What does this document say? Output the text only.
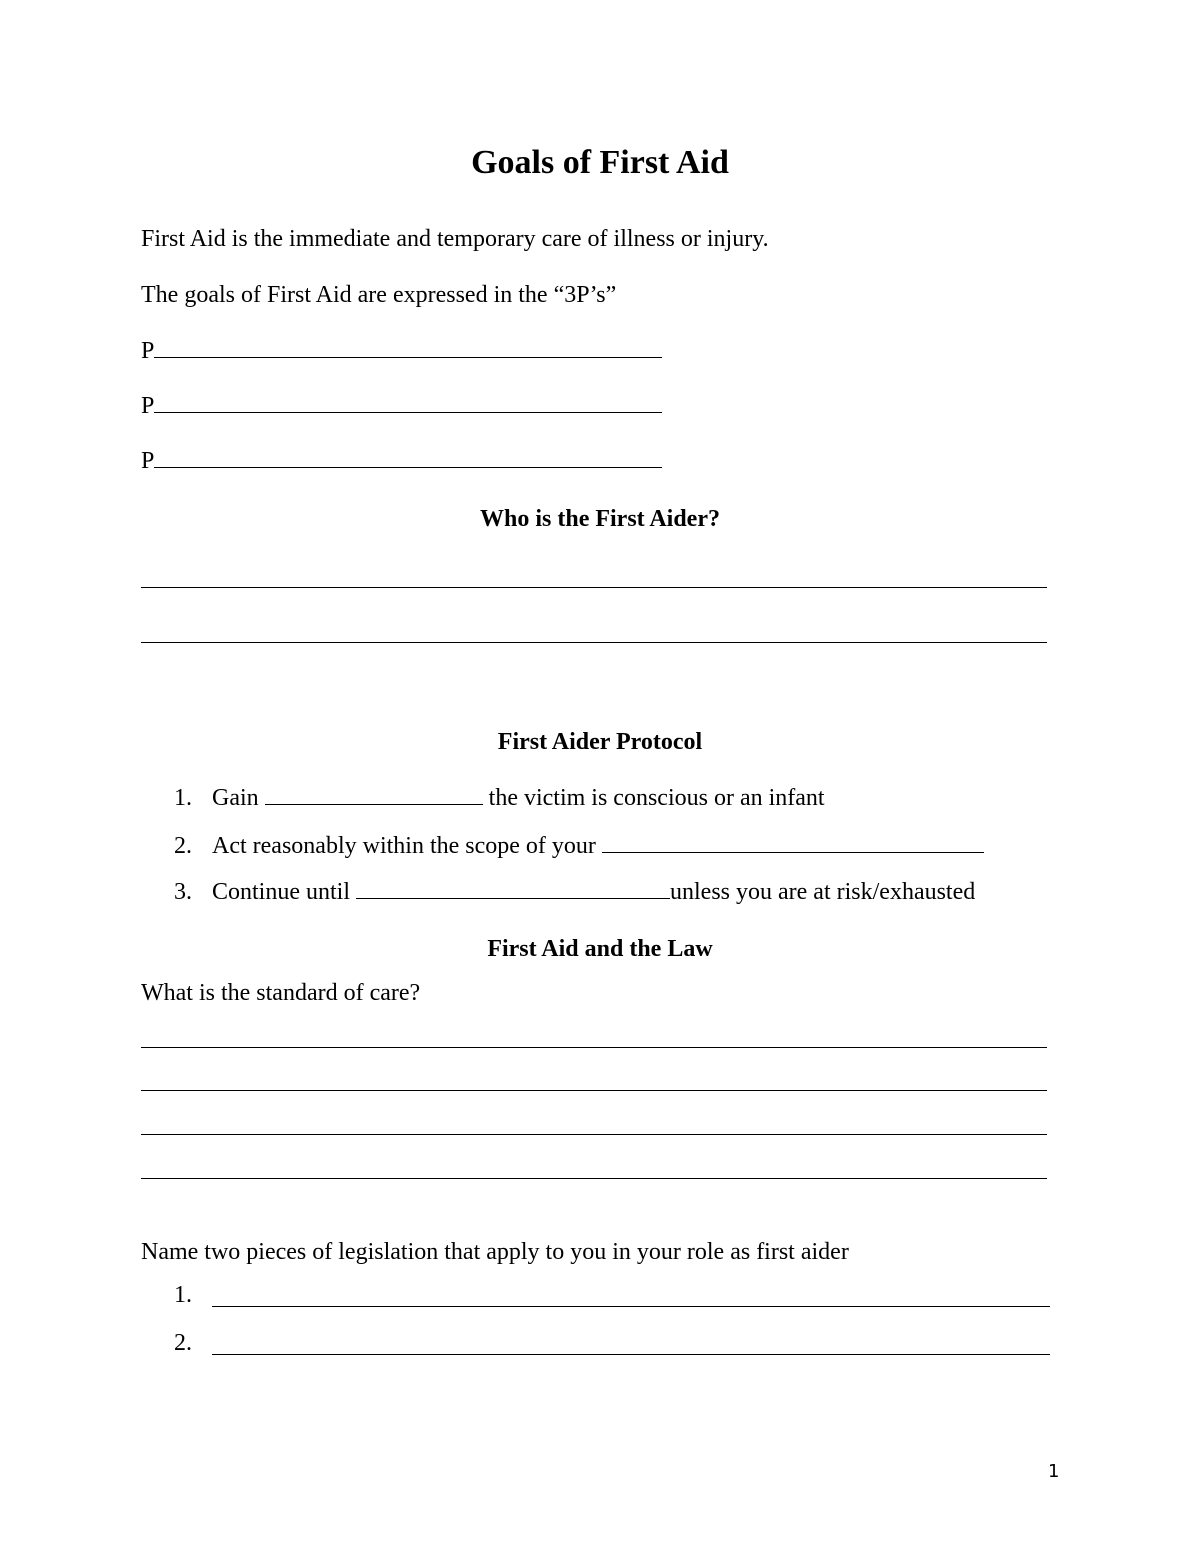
Goals of First Aid
First Aid is the immediate and temporary care of illness or injury.
The goals of First Aid are expressed in the “3P’s”
P
P
P
Who is the First Aider?
First Aider Protocol
1. Gain	the victim is conscious or an infant
2. Act reasonably within the scope of your
3. Continue until	unless you are at risk/exhausted
First Aid and the Law
What is the standard of care?
Name two pieces of legislation that apply to you in your role as first aider
1.
2.
1
